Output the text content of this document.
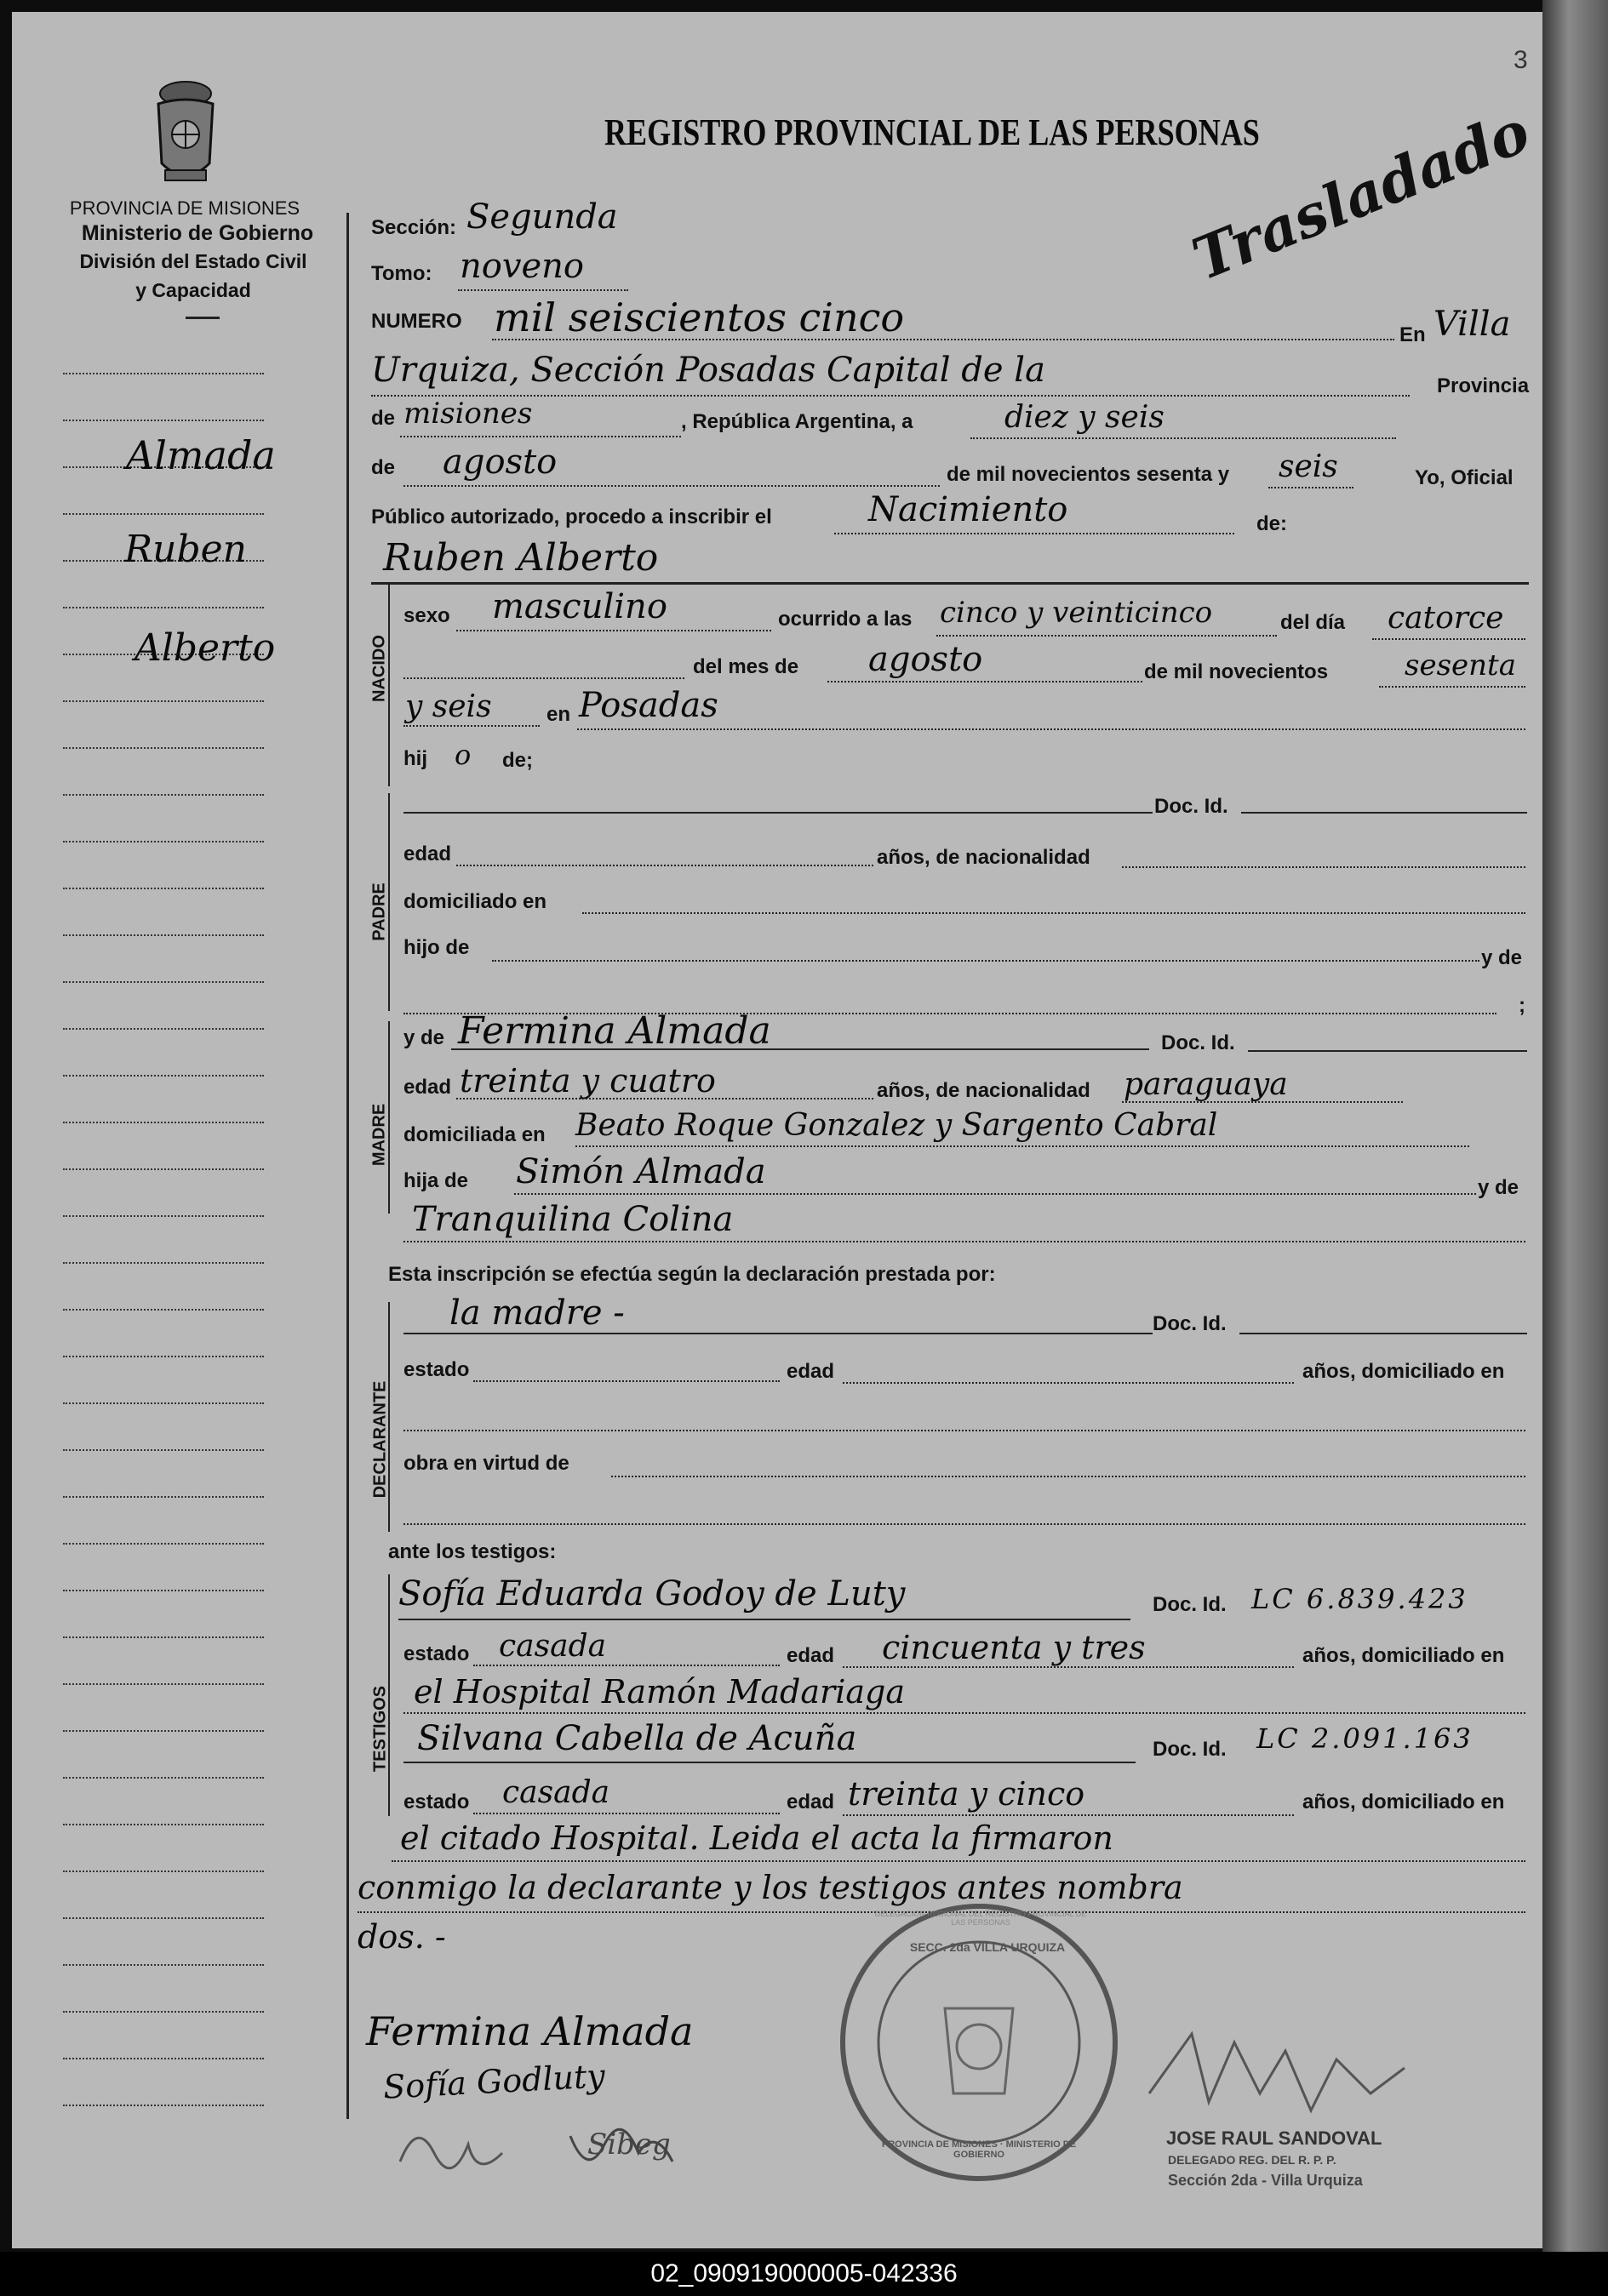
PROVINCIA DE MISIONES
Ministerio de Gobierno
División del Estado Civil
y Capacidad
REGISTRO PROVINCIAL DE LAS PERSONAS
Trasladado
3
Almada
Ruben
Alberto
Sección: Segunda
Tomo: noveno
NUMERO mil seiscientos cinco	En Villa
Urquiza, Sección Posadas Capital de la	Provincia
de misiones	, República Argentina, a	diez y seis
de agosto	de mil novecientos sesenta y seis	Yo, Oficial
Público autorizado, procedo a inscribir el	Nacimiento	de:
Ruben Alberto
NACIDO
sexo masculino	ocurrido a las cinco y veinticinco	del día catorce
del mes de agosto	de mil novecientos	sesenta
y seis	en Posadas
hij o de;
PADRE
Doc. Id.
edad	años, de nacionalidad
domiciliado en
hijo de	y de
;
MADRE
y de Fermina Almada	Doc. Id.
edad treinta y cuatro	años, de nacionalidad paraguaya
domiciliada en Beato Roque Gonzalez y Sargento Cabral
hija de Simón Almada	y de
Tranquilina Colina
Esta inscripción se efectúa según la declaración prestada por:
DECLARANTE
la madre -	Doc. Id.
estado	edad	años, domiciliado en
obra en virtud de
ante los testigos:
TESTIGOS
Sofía Eduarda Godoy de Luty	Doc. Id. LC 6.839.423
estado casada	edad cincuenta y tres	años, domiciliado en
el Hospital Ramón Madariaga
Silvana Cabella de Acuña	Doc. Id. LC 2.091.163
estado casada	edad treinta y cinco	años, domiciliado en
el citado Hospital. Leida el acta la firmaron
conmigo la declarante y los testigos antes nombra
dos. -
Fermina Almada
Sofía Godluty
Sibeg
DELEGACION REGIONAL DEL REGISTRO PROVINCIAL DE LAS PERSONAS
SECC. 2da VILLA URQUIZA
PROVINCIA DE MISIONES · MINISTERIO DE GOBIERNO
JOSE RAUL SANDOVAL
DELEGADO REG. DEL R. P. P.
Sección 2da - Villa Urquiza
02_090919000005-042336
